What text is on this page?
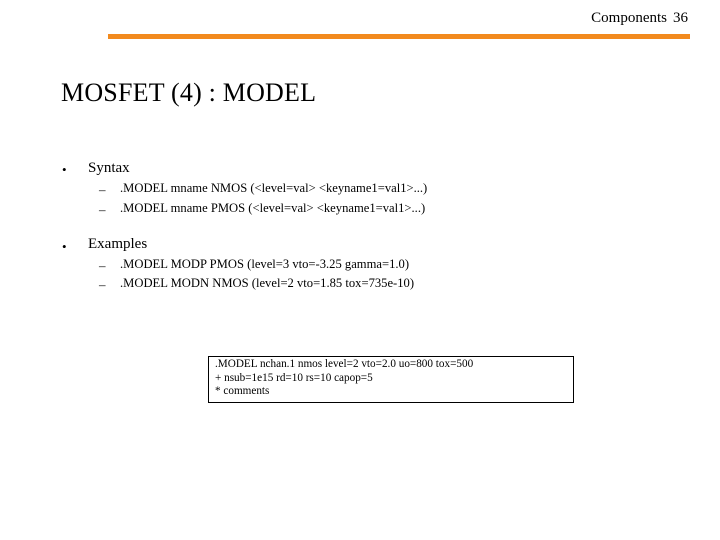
Components 36
MOSFET (4) : MODEL
• Syntax
– .MODEL mname NMOS (<level=val> <keyname1=val1>...)
– .MODEL mname PMOS (<level=val> <keyname1=val1>...)
• Examples
– .MODEL MODP PMOS (level=3 vto=-3.25 gamma=1.0)
– .MODEL MODN NMOS (level=2 vto=1.85 tox=735e-10)
.MODEL nchan.1 nmos level=2 vto=2.0 uo=800 tox=500
+ nsub=1e15 rd=10 rs=10 capop=5
* comments
